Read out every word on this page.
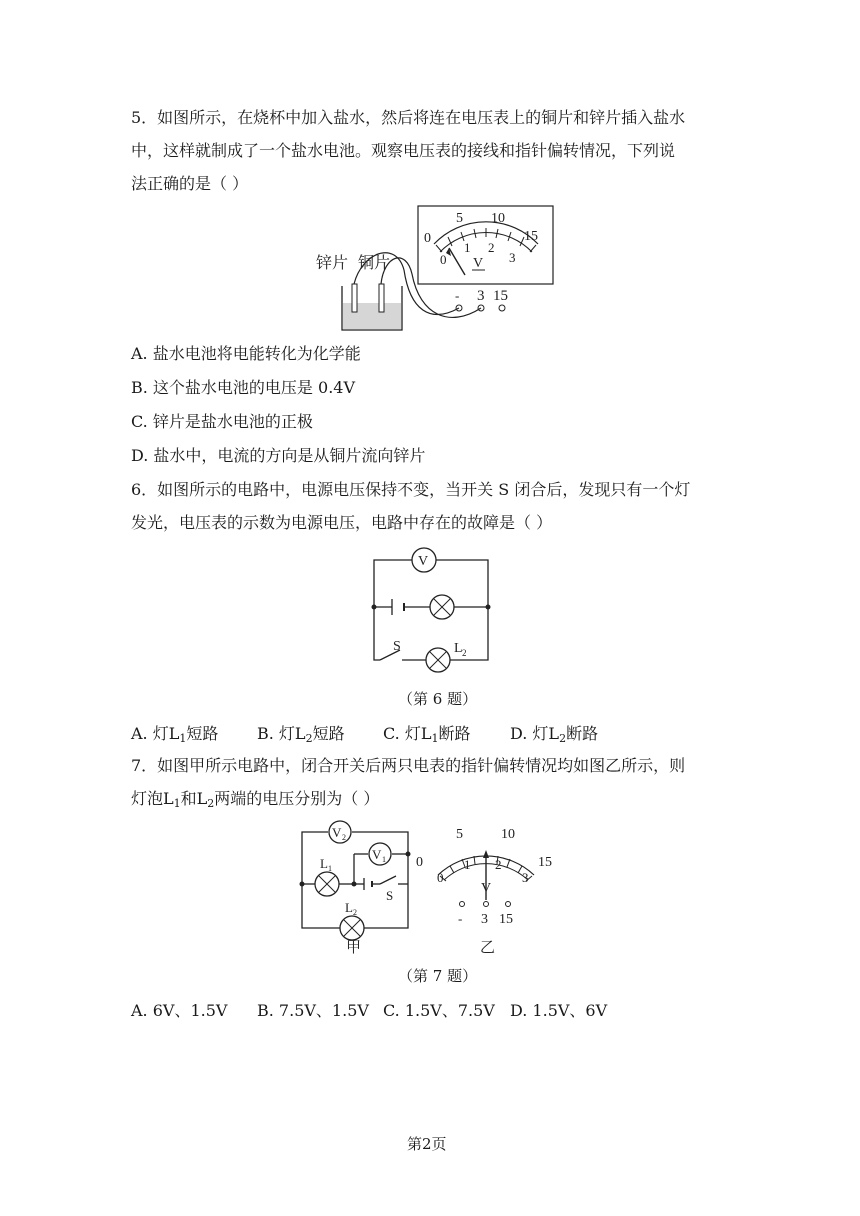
5．如图所示，在烧杯中加入盐水，然后将连在电压表上的铜片和锌片插入盐水
中，这样就制成了一个盐水电池。观察电压表的接线和指针偏转情况，下列说
法正确的是（ ）
0
5 10
15
0
1 2
3
V
- 3 15
锌片 铜片
A. 盐水电池将电能转化为化学能
B. 这个盐水电池的电压是 0.4V
C. 锌片是盐水电池的正极
D. 盐水中，电流的方向是从铜片流向锌片
6．如图所示的电路中，电源电压保持不变，当开关 S 闭合后，发现只有一个灯
发光，电压表的示数为电源电压，电路中存在的故障是（ ）
V
S	L 2
（第 6 题）
A. 灯$L_1$短路 B. 灯$L_2$短路 C. 灯$L_1$断路 D. 灯$L_2$断路
7．如图甲所示电路中，闭合开关后两只电表的指针偏转情况均如图乙所示，则
灯泡$L_1$和$L_2$两端的电压分别为（ ）
V 2
V 1
L 1
L 2
S
甲
0
5	10
15
0
1 2
3
V
- 3 15
乙
（第 7 题）
A. 6V、1.5V B. 7.5V、1.5V C. 1.5V、7.5V D. 1.5V、6V
第2页
